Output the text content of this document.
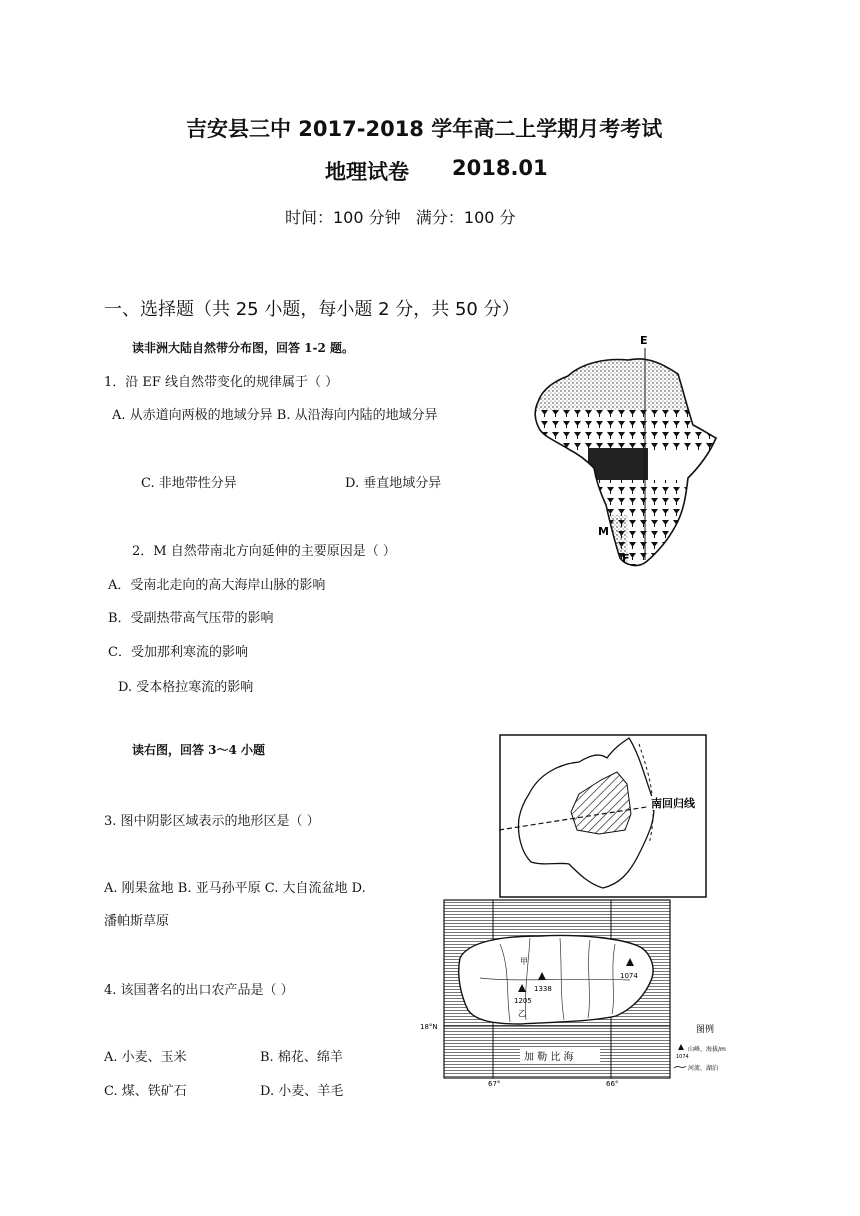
吉安县三中 2017-2018 学年高二上学期月考考试
地理试卷 2018.01
时间：100 分钟   满分：100 分
一、选择题（共 25 小题，每小题 2 分，共 50 分）
读非洲大陆自然带分布图，回答 1-2 题。
1．沿 EF 线自然带变化的规律属于（ ）
A. 从赤道向两极的地域分异 B. 从沿海向内陆的地域分异
C. 非地带性分异	D. 垂直地域分异
2．M 自然带南北方向延伸的主要原因是（ ）
A．受南北走向的高大海岸山脉的影响
B．受副热带高气压带的影响
C．受加那利寒流的影响
D. 受本格拉寒流的影响
E
F
M
读右图，回答 3～4 小题
3. 图中阴影区域表示的地形区是（ ）
A. 刚果盆地 B. 亚马孙平原 C. 大自流盆地 D.
潘帕斯草原
4. 该国著名的出口农产品是（ ）
A. 小麦、玉米	B. 棉花、绵羊
C. 煤、铁矿石	D. 小麦、羊毛
南回归线
1338
1205
1074
甲
乙
加 勒 比 海
18°N
67°	66°
图例
1074
山峰、海拔/m
河流、湖泊
